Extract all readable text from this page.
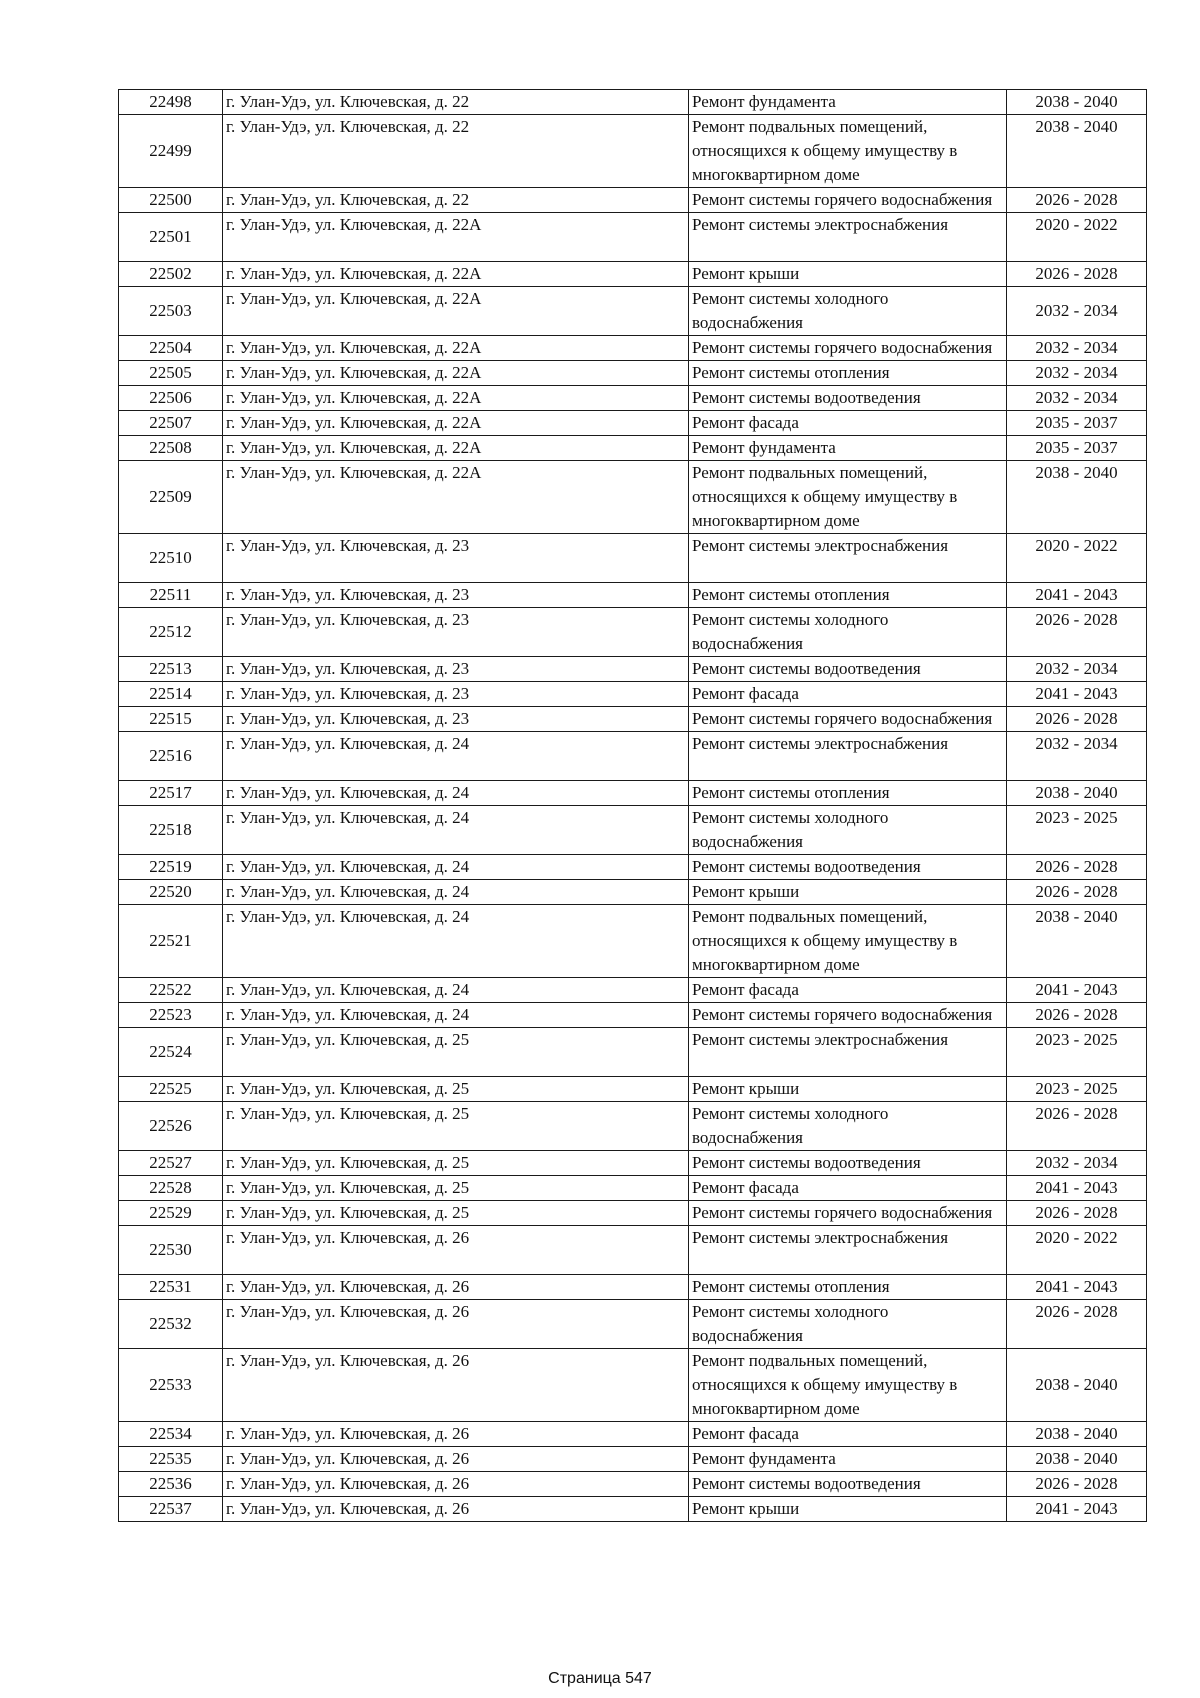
22498	г. Улан-Удэ, ул. Ключевская, д. 22	Ремонт фундамента	2038 - 2040
22499	г. Улан-Удэ, ул. Ключевская, д. 22	Ремонт подвальных помещений, относящихся к общему имуществу в многоквартирном доме	2038 - 2040
22500	г. Улан-Удэ, ул. Ключевская, д. 22	Ремонт системы горячего водоснабжения	2026 - 2028
22501	г. Улан-Удэ, ул. Ключевская, д. 22А	Ремонт системы электроснабжения	2020 - 2022
22502	г. Улан-Удэ, ул. Ключевская, д. 22А	Ремонт крыши	2026 - 2028
22503	г. Улан-Удэ, ул. Ключевская, д. 22А	Ремонт системы холодного водоснабжения	2032 - 2034
22504	г. Улан-Удэ, ул. Ключевская, д. 22А	Ремонт системы горячего водоснабжения	2032 - 2034
22505	г. Улан-Удэ, ул. Ключевская, д. 22А	Ремонт системы отопления	2032 - 2034
22506	г. Улан-Удэ, ул. Ключевская, д. 22А	Ремонт системы водоотведения	2032 - 2034
22507	г. Улан-Удэ, ул. Ключевская, д. 22А	Ремонт фасада	2035 - 2037
22508	г. Улан-Удэ, ул. Ключевская, д. 22А	Ремонт фундамента	2035 - 2037
22509	г. Улан-Удэ, ул. Ключевская, д. 22А	Ремонт подвальных помещений, относящихся к общему имуществу в многоквартирном доме	2038 - 2040
22510	г. Улан-Удэ, ул. Ключевская, д. 23	Ремонт системы электроснабжения	2020 - 2022
22511	г. Улан-Удэ, ул. Ключевская, д. 23	Ремонт системы отопления	2041 - 2043
22512	г. Улан-Удэ, ул. Ключевская, д. 23	Ремонт системы холодного водоснабжения	2026 - 2028
22513	г. Улан-Удэ, ул. Ключевская, д. 23	Ремонт системы водоотведения	2032 - 2034
22514	г. Улан-Удэ, ул. Ключевская, д. 23	Ремонт фасада	2041 - 2043
22515	г. Улан-Удэ, ул. Ключевская, д. 23	Ремонт системы горячего водоснабжения	2026 - 2028
22516	г. Улан-Удэ, ул. Ключевская, д. 24	Ремонт системы электроснабжения	2032 - 2034
22517	г. Улан-Удэ, ул. Ключевская, д. 24	Ремонт системы отопления	2038 - 2040
22518	г. Улан-Удэ, ул. Ключевская, д. 24	Ремонт системы холодного водоснабжения	2023 - 2025
22519	г. Улан-Удэ, ул. Ключевская, д. 24	Ремонт системы водоотведения	2026 - 2028
22520	г. Улан-Удэ, ул. Ключевская, д. 24	Ремонт крыши	2026 - 2028
22521	г. Улан-Удэ, ул. Ключевская, д. 24	Ремонт подвальных помещений, относящихся к общему имуществу в многоквартирном доме	2038 - 2040
22522	г. Улан-Удэ, ул. Ключевская, д. 24	Ремонт фасада	2041 - 2043
22523	г. Улан-Удэ, ул. Ключевская, д. 24	Ремонт системы горячего водоснабжения	2026 - 2028
22524	г. Улан-Удэ, ул. Ключевская, д. 25	Ремонт системы электроснабжения	2023 - 2025
22525	г. Улан-Удэ, ул. Ключевская, д. 25	Ремонт крыши	2023 - 2025
22526	г. Улан-Удэ, ул. Ключевская, д. 25	Ремонт системы холодного водоснабжения	2026 - 2028
22527	г. Улан-Удэ, ул. Ключевская, д. 25	Ремонт системы водоотведения	2032 - 2034
22528	г. Улан-Удэ, ул. Ключевская, д. 25	Ремонт фасада	2041 - 2043
22529	г. Улан-Удэ, ул. Ключевская, д. 25	Ремонт системы горячего водоснабжения	2026 - 2028
22530	г. Улан-Удэ, ул. Ключевская, д. 26	Ремонт системы электроснабжения	2020 - 2022
22531	г. Улан-Удэ, ул. Ключевская, д. 26	Ремонт системы отопления	2041 - 2043
22532	г. Улан-Удэ, ул. Ключевская, д. 26	Ремонт системы холодного водоснабжения	2026 - 2028
22533	г. Улан-Удэ, ул. Ключевская, д. 26	Ремонт подвальных помещений, относящихся к общему имуществу в многоквартирном доме	2038 - 2040
22534	г. Улан-Удэ, ул. Ключевская, д. 26	Ремонт фасада	2038 - 2040
22535	г. Улан-Удэ, ул. Ключевская, д. 26	Ремонт фундамента	2038 - 2040
22536	г. Улан-Удэ, ул. Ключевская, д. 26	Ремонт системы водоотведения	2026 - 2028
22537	г. Улан-Удэ, ул. Ключевская, д. 26	Ремонт крыши	2041 - 2043
Страница 547
